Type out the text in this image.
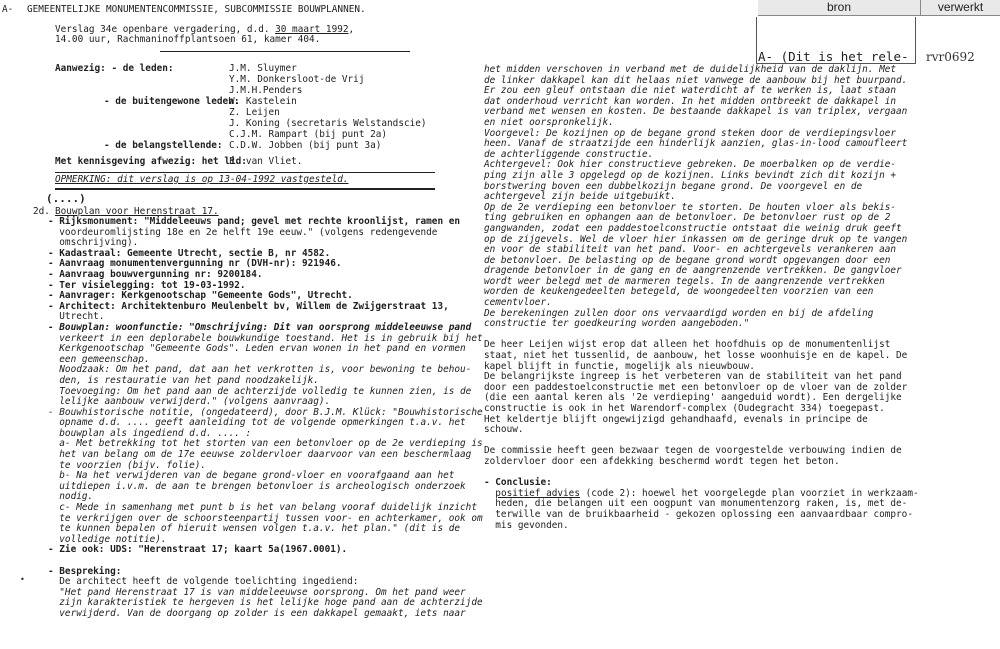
bron	verwerkt

A- (Dit is het rele-

	rvr0692
A- GEMEENTELIJKE MONUMENTENCOMMISSIE, SUBCOMMISSIE BOUWPLANNEN.
Verslag 34e openbare vergadering, d.d. 30 maart 1992,
14.00 uur, Rachmaninoffplantsoen 61, kamer 404.
Aanwezig: - de leden:	J.M. Sluymer
Y.M. Donkersloot-de Vrij
J.M.H.Penders
- de buitengewone leden:
W. Kastelein
Z. Leijen
J. Koning (secretaris Welstandscie)
C.J.M. Rampart (bij punt 2a)
- de belangstellende: C.D.W. Jobben (bij punt 3a)
Met kennisgeving afwezig: het lid:
P. van Vliet.
OPMERKING: dit verslag is op 13-04-1992 vastgesteld.
(....)
2d. Bouwplan voor Herenstraat 17.
- Rijksmonument: "Middeleeuws pand; gevel met rechte kroonlijst, ramen en
voordeuromlijsting 18e en 2e helft 19e eeuw." (volgens redengevende
omschrijving).
- Kadastraal: Gemeente Utrecht, sectie B, nr 4582.
- Aanvraag monumentenvergunning nr (DVH-nr): 921946.
- Aanvraag bouwvergunning nr: 9200184.
- Ter visielegging: tot 19-03-1992.
- Aanvrager: Kerkgenootschap "Gemeente Gods", Utrecht.
- Architect: Architektenburo Meulenbelt bv, Willem de Zwijgerstraat 13,
Utrecht.
- Bouwplan: woonfunctie: "Omschrijving: Dit van oorsprong middeleeuwse pand
verkeert in een deplorabele bouwkundige toestand. Het is in gebruik bij het
Kerkgenootschap "Gemeente Gods". Leden ervan wonen in het pand en vormen
een gemeenschap.
Noodzaak: Om het pand, dat aan het verkrotten is, voor bewoning te behou-
den, is restauratie van het pand noodzakelijk.
Toevoeging: Om het pand aan de achterzijde volledig te kunnen zien, is de
lelijke aanbouw verwijderd." (volgens aanvraag).
- Bouwhistorische notitie, (ongedateerd), door B.J.M. Klück: "Bouwhistorische
opname d.d. .... geeft aanleiding tot de volgende opmerkingen t.a.v. het
bouwplan als ingediend d.d. .... :
a- Met betrekking tot het storten van een betonvloer op de 2e verdieping is
het van belang om de 17e eeuwse zoldervloer daarvoor van een beschermlaag
te voorzien (bijv. folie).
b- Na het verwijderen van de begane grond-vloer en voorafgaand aan het
uitdiepen i.v.m. de aan te brengen betonvloer is archeologisch onderzoek
nodig.
c- Mede in samenhang met punt b is het van belang vooraf duidelijk inzicht
te verkrijgen over de schoorsteenpartij tussen voor- en achterkamer, ook om
te kunnen bepalen of hieruit wensen volgen t.a.v. het plan." (dit is de
volledige notitie).
- Zie ook: UDS: "Herenstraat 17; kaart 5a(1967.0001).

- Bespreking:
De architect heeft de volgende toelichting ingediend:
"Het pand Herenstraat 17 is van middeleeuwse oorsprong. Om het pand weer
zijn karakteristiek te hergeven is het lelijke hoge pand aan de achterzijde
verwijderd. Van de doorgang op zolder is een dakkapel gemaakt, iets naar
het midden verschoven in verband met de duidelijkheid van de daklijn. Met
de linker dakkapel kan dit helaas niet vanwege de aanbouw bij het buurpand.
Er zou een gleuf ontstaan die niet waterdicht af te werken is, laat staan
dat onderhoud verricht kan worden. In het midden ontbreekt de dakkapel in
verband met wensen en kosten. De bestaande dakkapel is van triplex, vergaan
en niet oorspronkelijk.
Voorgevel: De kozijnen op de begane grond steken door de verdiepingsvloer
heen. Vanaf de straatzijde een hinderlijk aanzien, glas-in-lood camoufleert
de achterliggende constructie.
Achtergevel: Ook hier constructieve gebreken. De moerbalken op de verdie-
ping zijn alle 3 opgelegd op de kozijnen. Links bevindt zich dit kozijn +
borstwering boven een dubbelkozijn begane grond. De voorgevel en de
achtergevel zijn beide uitgebuikt.
Op de 2e verdieping een betonvloer te storten. De houten vloer als bekis-
ting gebruiken en ophangen aan de betonvloer. De betonvloer rust op de 2
gangwanden, zodat een paddestoelconstructie ontstaat die weinig druk geeft
op de zijgevels. Wel de vloer hier inkassen om de geringe druk op te vangen
en voor de stabiliteit van het pand. Voor- en achtergevels verankeren aan
de betonvloer. De belasting op de begane grond wordt opgevangen door een
dragende betonvloer in de gang en de aangrenzende vertrekken. De gangvloer
wordt weer belegd met de marmeren tegels. In de aangrenzende vertrekken
worden de keukengedeelten betegeld, de woongedeelten voorzien van een
cementvloer.
De berekeningen zullen door ons vervaardigd worden en bij de afdeling
constructie ter goedkeuring worden aangeboden."

De heer Leijen wijst erop dat alleen het hoofdhuis op de monumentenlijst
staat, niet het tussenlid, de aanbouw, het losse woonhuisje en de kapel. De
kapel blijft in functie, mogelijk als nieuwbouw.
De belangrijkste ingreep is het verbeteren van de stabiliteit van het pand
door een paddestoelconstructie met een betonvloer op de vloer van de zolder
(die een aantal keren als '2e verdieping' aangeduid wordt). Een dergelijke
constructie is ook in het Warendorf-complex (Oudegracht 334) toegepast.
Het keldertje blijft ongewijzigd gehandhaafd, evenals in principe de
schouw.

De commissie heeft geen bezwaar tegen de voorgestelde verbouwing indien de
zoldervloer door een afdekking beschermd wordt tegen het beton.

- Conclusie:
positief advies (code 2): hoewel het voorgelegde plan voorziet in werkzaam-
heden, die belangen uit een oogpunt van monumentenzorg raken, is, met de-
terwille van de bruikbaarheid - gekozen oplossing een aanvaardbaar compro-
mis gevonden.
•
